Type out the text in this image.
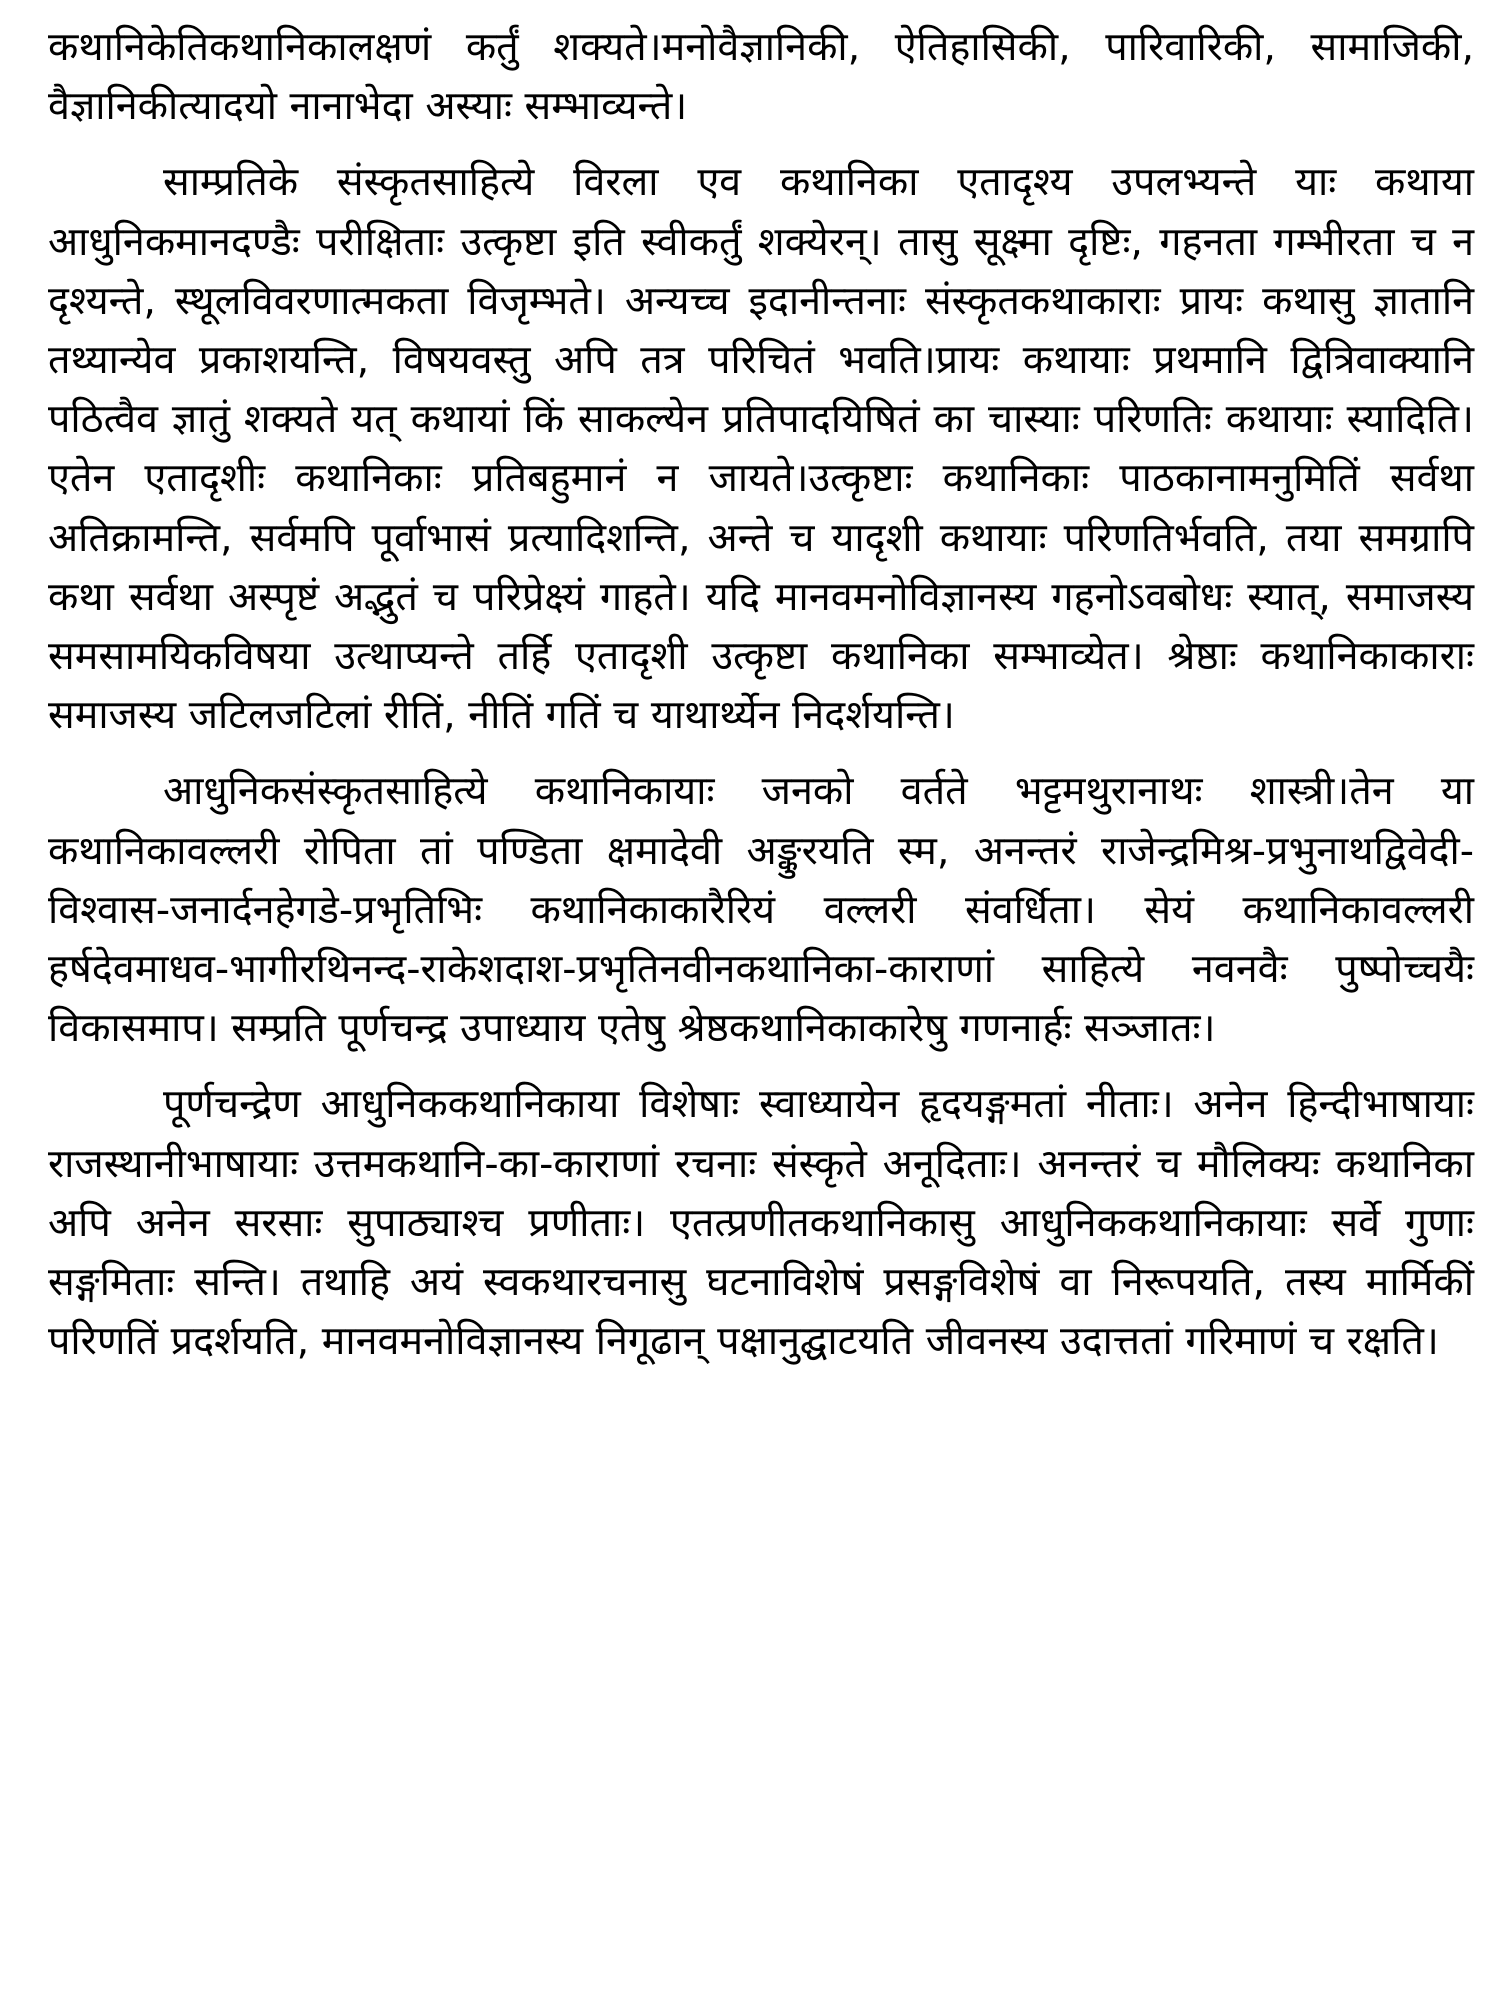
कथानिकेतिकथानिकालक्षणं कर्तुं शक्यते।मनोवैज्ञानिकी, ऐतिहासिकी, पारिवारिकी, सामाजिकी, वैज्ञानिकीत्यादयो नानाभेदा अस्याः सम्भाव्यन्ते।

साम्प्रतिके संस्कृतसाहित्ये विरला एव कथानिका एतादृश्य उपलभ्यन्ते याः कथाया आधुनिकमानदण्डैः परीक्षिताः उत्कृष्टा इति स्वीकर्तुं शक्येरन्। तासु सूक्ष्मा दृष्टिः, गहनता गम्भीरता च न दृश्यन्ते, स्थूलविवरणात्मकता विजृम्भते। अन्यच्च इदानीन्तनाः संस्कृतकथाकाराः प्रायः कथासु ज्ञातानि तथ्यान्येव प्रकाशयन्ति, विषयवस्तु अपि तत्र परिचितं भवति।प्रायः कथायाः प्रथमानि द्वित्रिवाक्यानि पठित्वैव ज्ञातुं शक्यते यत् कथायां किं साकल्येन प्रतिपादयिषितं का चास्याः परिणतिः कथायाः स्यादिति। एतेन एतादृशीः कथानिकाः प्रतिबहुमानं न जायते।उत्कृष्टाः कथानिकाः पाठकानामनुमितिं सर्वथा अतिक्रामन्ति, सर्वमपि पूर्वाभासं प्रत्यादिशन्ति, अन्ते च यादृशी कथायाः परिणतिर्भवति, तया समग्रापि कथा सर्वथा अस्पृष्टं अद्भुतं च परिप्रेक्ष्यं गाहते। यदि मानवमनोविज्ञानस्य गहनोऽवबोधः स्यात्, समाजस्य समसामयिकविषया उत्थाप्यन्ते तर्हि एतादृशी उत्कृष्टा कथानिका सम्भाव्येत। श्रेष्ठाः कथानिकाकाराः समाजस्य जटिलजटिलां रीतिं, नीतिं गतिं च याथार्थ्येन निदर्शयन्ति।

आधुनिकसंस्कृतसाहित्ये कथानिकायाः जनको वर्तते भट्टमथुरानाथः शास्त्री।तेन या कथानिकावल्लरी रोपिता तां पण्डिता क्षमादेवी अङ्कुरयति स्म, अनन्तरं राजेन्द्रमिश्र-प्रभुनाथद्विवेदी-विश्वास-जनार्दनहेगडे-प्रभृतिभिः कथानिकाकारैरियं वल्लरी संवर्धिता। सेयं कथानिकावल्लरी हर्षदेवमाधव-भागीरथिनन्द-राकेशदाश-प्रभृतिनवीनकथानिका-काराणां साहित्ये नवनवैः पुष्पोच्चयैः विकासमाप। सम्प्रति पूर्णचन्द्र उपाध्याय एतेषु श्रेष्ठकथानिकाकारेषु गणनार्हः सञ्जातः।

पूर्णचन्द्रेण आधुनिककथानिकाया विशेषाः स्वाध्यायेन हृदयङ्गमतां नीताः। अनेन हिन्दीभाषायाः राजस्थानीभाषायाः उत्तमकथानि-का-काराणां रचनाः संस्कृते अनूदिताः। अनन्तरं च मौलिक्यः कथानिका अपि अनेन सरसाः सुपाठ्याश्च प्रणीताः। एतत्प्रणीतकथानिकासु आधुनिककथानिकायाः सर्वे गुणाः सङ्गमिताः सन्ति। तथाहि अयं स्वकथारचनासु घटनाविशेषं प्रसङ्गविशेषं वा निरूपयति, तस्य मार्मिकीं परिणतिं प्रदर्शयति, मानवमनोविज्ञानस्य निगूढान् पक्षानुद्घाटयति जीवनस्य उदात्ततां गरिमाणं च रक्षति।
